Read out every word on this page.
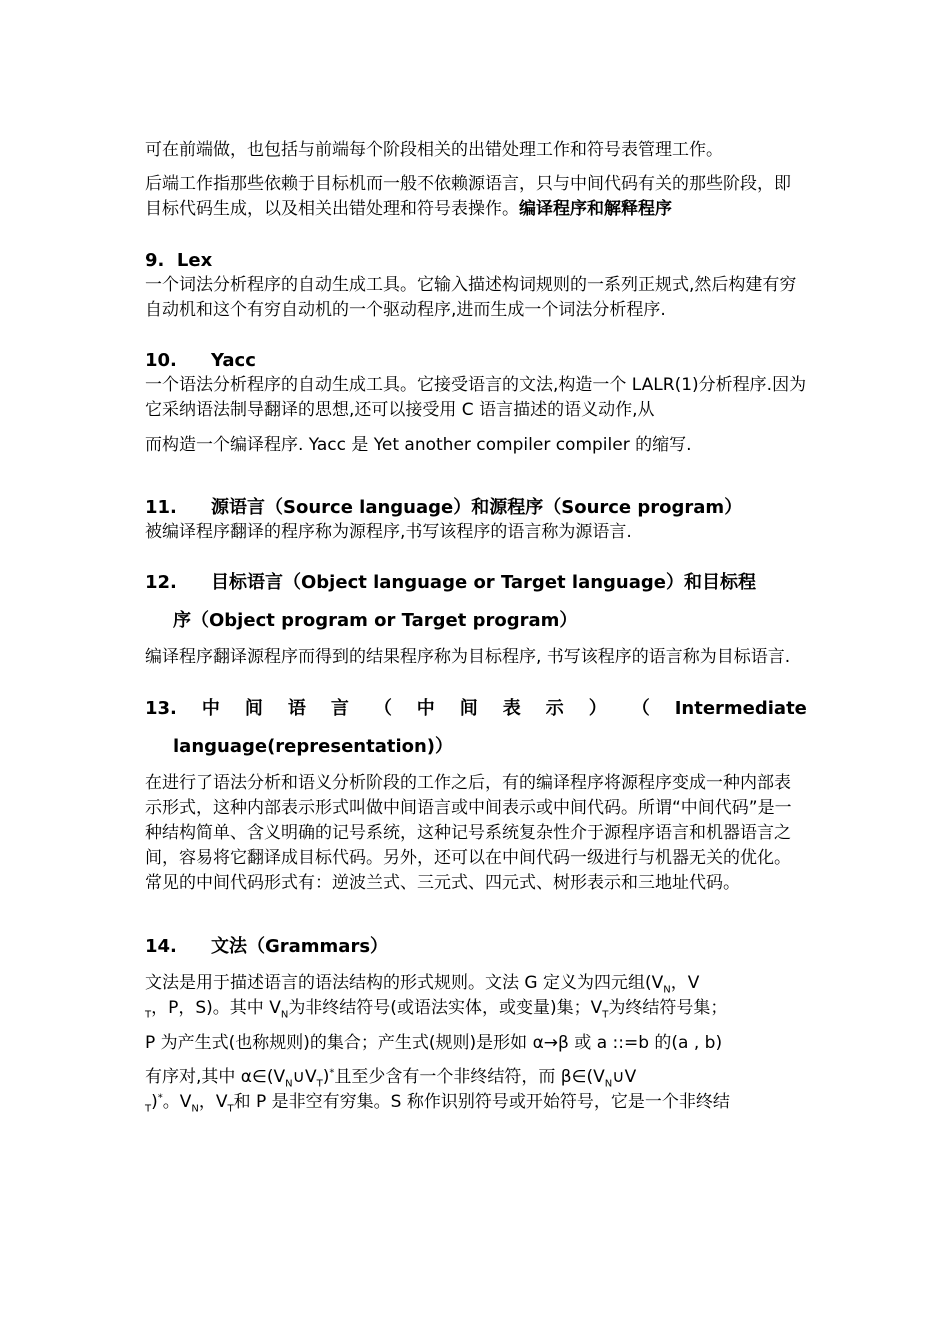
可在前端做，也包括与前端每个阶段相关的出错处理工作和符号表管理工作。

后端工作指那些依赖于目标机而一般不依赖源语言，只与中间代码有关的那些阶段，即目标代码生成，以及相关出错处理和符号表操作。编译程序和解释程序

9. Lex

一个词法分析程序的自动生成工具。它输入描述构词规则的一系列正规式,然后构建有穷自动机和这个有穷自动机的一个驱动程序,进而生成一个词法分析程序.

10. Yacc

一个语法分析程序的自动生成工具。它接受语言的文法,构造一个 LALR(1)分析程序.因为它采纳语法制导翻译的思想,还可以接受用 C 语言描述的语义动作,从

而构造一个编译程序. Yacc 是 Yet another compiler compiler 的缩写.

11. 源语言（Source language）和源程序（Source program）

被编译程序翻译的程序称为源程序,书写该程序的语言称为源语言.

12. 目标语言（Object language or Target language）和目标程
序（Object program or Target program）

编译程序翻译源程序而得到的结果程序称为目标程序, 书写该程序的语言称为目标语言.

13. 中 间 语 言 （ 中 间 表 示 ） （ Intermediate
language(representation)）

在进行了语法分析和语义分析阶段的工作之后，有的编译程序将源程序变成一种内部表示形式，这种内部表示形式叫做中间语言或中间表示或中间代码。所谓“中间代码”是一种结构简单、含义明确的记号系统，这种记号系统复杂性介于源程序语言和机器语言之间，容易将它翻译成目标代码。另外，还可以在中间代码一级进行与机器无关的优化。常见的中间代码形式有：逆波兰式、三元式、四元式、树形表示和三地址代码。

14. 文法（Grammars）

文法是用于描述语言的语法结构的形式规则。文法 G 定义为四元组($V_N$，V
$_T$，P，S)。其中 $V_N$为非终结符号(或语法实体，或变量)集；$V_T$为终结符号集；

P 为产生式(也称规则)的集合；产生式(规则)是形如 α→β 或 a ::=b 的(a , b)

有序对,其中 $\alpha\in(V_N\cup V_T)^*$且至少含有一个非终结符，而 $\beta\in(V_N\cup V$
$_T$)*。$V_N$，$V_T$和 P 是非空有穷集。S 称作识别符号或开始符号，它是一个非终结
